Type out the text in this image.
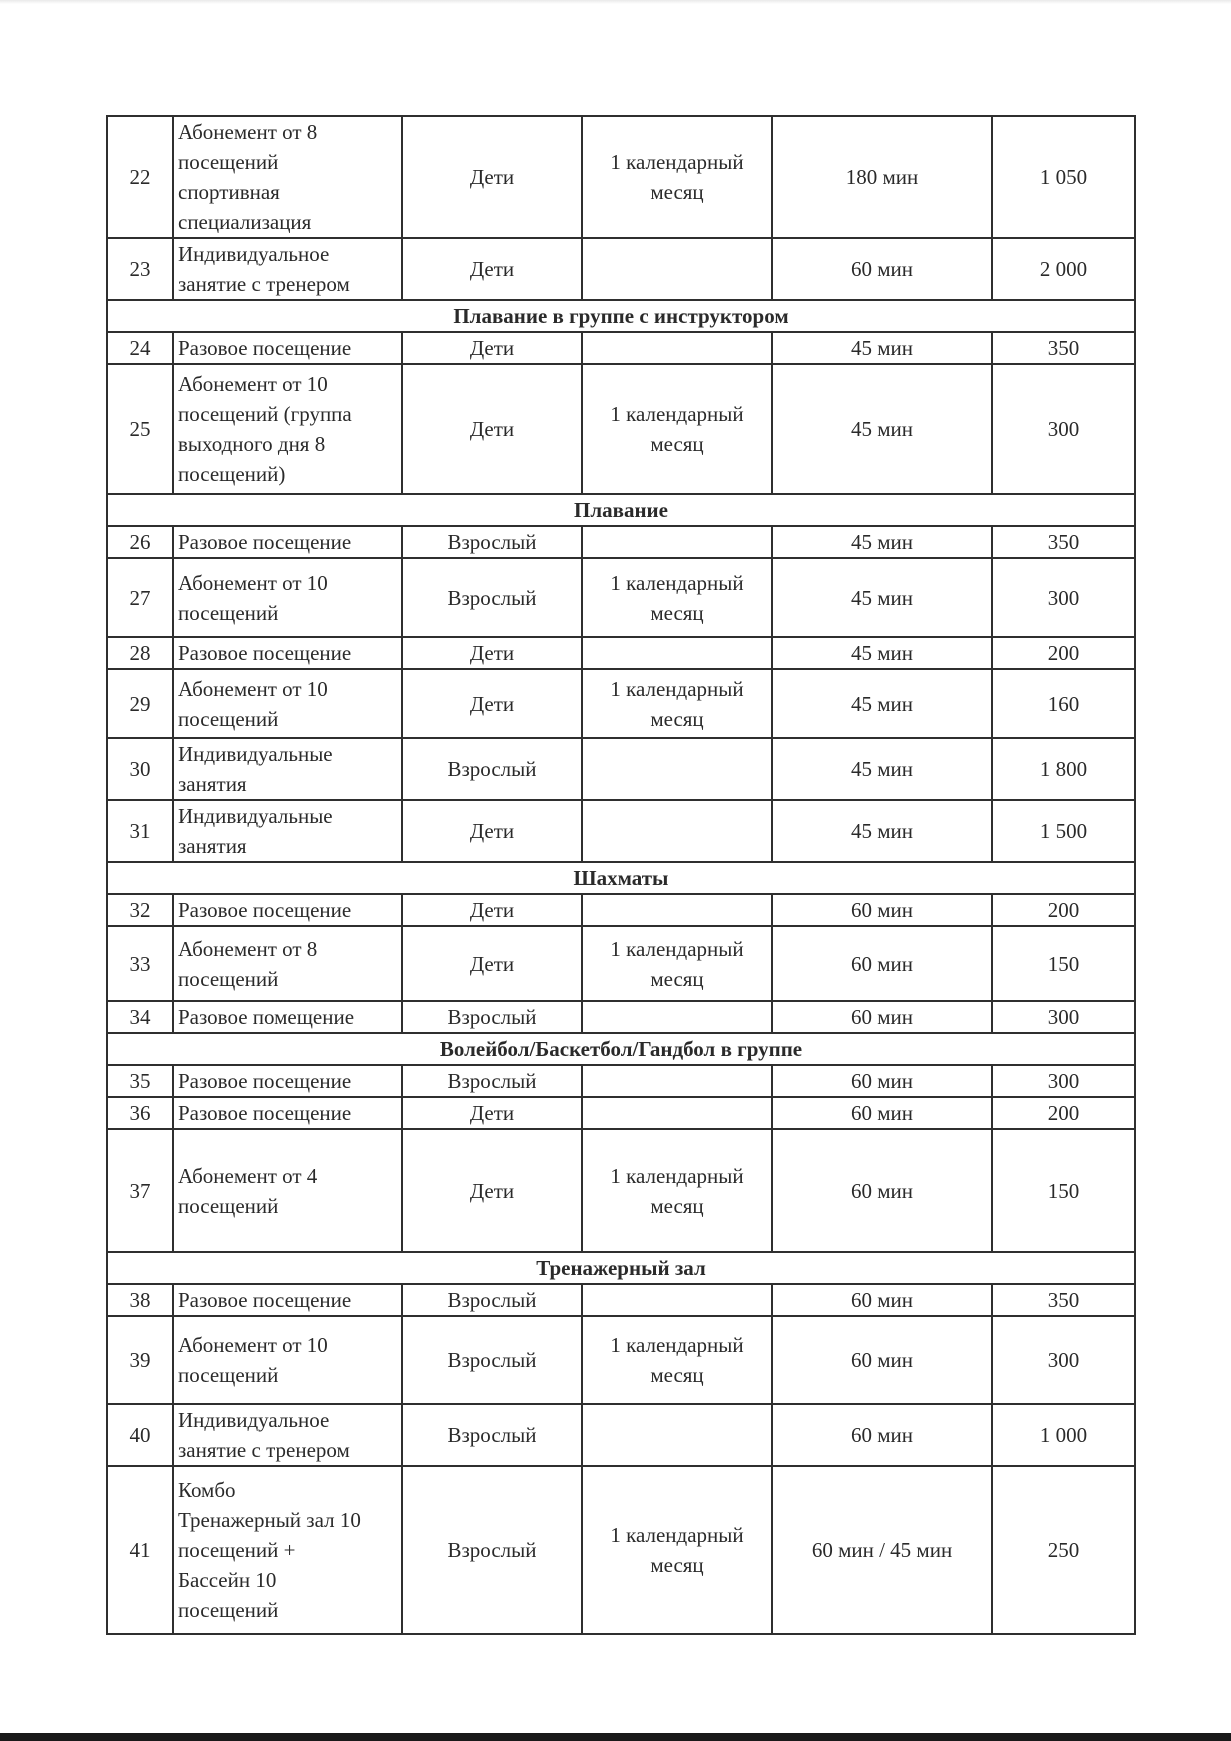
22	Абонемент от 8
посещений
спортивная
специализация	Дети	1 календарный
месяц	180 мин	1 050
23	Индивидуальное
занятие с тренером	Дети		60 мин	2 000
Плавание в группе с инструктором					
24	Разовое посещение	Дети		45 мин	350
25	Абонемент от 10
посещений (группа
выходного дня 8
посещений)	Дети	1 календарный
месяц	45 мин	300
Плавание					
26	Разовое посещение	Взрослый		45 мин	350
27	Абонемент от 10
посещений	Взрослый	1 календарный
месяц	45 мин	300
28	Разовое посещение	Дети		45 мин	200
29	Абонемент от 10
посещений	Дети	1 календарный
месяц	45 мин	160
30	Индивидуальные
занятия	Взрослый		45 мин	1 800
31	Индивидуальные
занятия	Дети		45 мин	1 500
Шахматы					
32	Разовое посещение	Дети		60 мин	200
33	Абонемент от 8
посещений	Дети	1 календарный
месяц	60 мин	150
34	Разовое помещение	Взрослый		60 мин	300
Волейбол/Баскетбол/Гандбол в группе					
35	Разовое посещение	Взрослый		60 мин	300
36	Разовое посещение	Дети		60 мин	200
37	Абонемент от 4
посещений	Дети	1 календарный
месяц	60 мин	150
Тренажерный зал					
38	Разовое посещение	Взрослый		60 мин	350
39	Абонемент от 10
посещений	Взрослый	1 календарный
месяц	60 мин	300
40	Индивидуальное
занятие с тренером	Взрослый		60 мин	1 000
41	Комбо
Тренажерный зал 10
посещений +
Бассейн 10
посещений	Взрослый	1 календарный
месяц	60 мин / 45 мин	250
